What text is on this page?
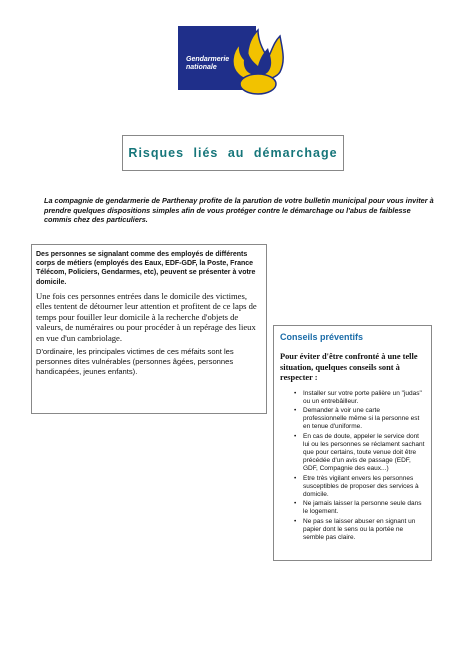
Gendarmerie
nationale
Risques liés au démarchage
La compagnie de gendarmerie de Parthenay profite de la parution de votre bulletin municipal pour vous inviter à prendre quelques dispositions simples afin de vous protéger contre le démarchage ou l'abus de faiblesse commis chez des particuliers.
Des personnes se signalant comme des employés de différents corps de métiers (employés des Eaux, EDF-GDF, la Poste, France Télécom, Policiers, Gendarmes, etc), peuvent se présenter à votre domicile.
Une fois ces personnes entrées dans le domicile des victimes, elles tentent de détourner leur attention et profitent de ce laps de temps pour fouiller leur domicile à la recherche d'objets de valeurs, de numéraires ou pour procéder à un repérage des lieux en vue d'un cambriolage.
D'ordinaire, les principales victimes de ces méfaits sont les personnes dites vulnérables (personnes âgées, personnes handicapées, jeunes enfants).
Conseils préventifs
Pour éviter d'être confronté à une telle situation, quelques conseils sont à respecter :
• Installer sur votre porte palière un "judas" ou un entrebâilleur.
• Demander à voir une carte professionnelle même si la personne est en tenue d'uniforme.
• En cas de doute, appeler le service dont lui ou les personnes se réclament sachant que pour certains, toute venue doit être précédée d'un avis de passage (EDF, GDF, Compagnie des eaux...)
• Etre très vigilant envers les personnes susceptibles de proposer des services à domicile.
• Ne jamais laisser la personne seule dans le logement.
• Ne pas se laisser abuser en signant un papier dont le sens ou la portée ne semble pas claire.
